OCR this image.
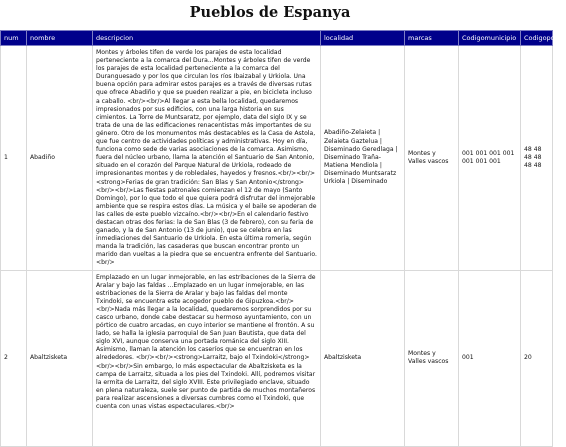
Pueblos de Espanya
num	nombre	descripcion	localidad	marcas	Codigomunicipio	Codigopostal
1	Abadiño	Montes y árboles tifen de verde los parajes de esta localidad perteneciente a la comarca del Dura...Montes y árboles tifen de verde los parajes de esta localidad perteneciente a la comarca del Duranguesado y por los que circulan los ríos Ibaizabal y Urkiola. Una buena opción para admirar estos parajes es a través de diversas rutas que ofrece Abadiño y que se pueden realizar a pie, en bicicleta incluso a caballo. <br/><br/>Al llegar a esta bella localidad, quedaremos impresionados por sus edificios, con una larga historia en sus cimientos. La Torre de Muntsaratz, por ejemplo, data del siglo IX y se trata de una de las edificaciones renacentistas más importantes de su género. Otro de los monumentos más destacables es la Casa de Astola, que fue centro de actividades políticas y administrativas. Hoy en día, funciona como sede de varias asociaciones de la comarca. Asimismo, fuera del núcleo urbano, llama la atención el Santuario de San Antonio, situado en el corazón del Parque Natural de Urkiola, rodeado de impresionantes montes y de robledales, hayedos y fresnos.<br/><br/><strong>Ferias de gran tradición: San Blas y San Antonio</strong><br/><br/>Las fiestas patronales comienzan el 12 de mayo (Santo Domingo), por lo que todo el que quiera podrá disfrutar del inmejorable ambiente que se respira estos días. La música y el baile se apoderan de las calles de este pueblo vizcaíno.<br/><br/>En el calendario festivo destacan otras dos ferias: la de San Blas (3 de febrero), con su feria de ganado, y la de San Antonio (13 de junio), que se celebra en las inmediaciones del Santuario de Urkiola. En esta última romería, según manda la tradición, las casaderas que buscan encontrar pronto un marido dan vueltas a la piedra que se encuentra enfrente del Santuario.<br/>	Abadiño-Zelaieta | Zelaieta Gaztelua | Diseminado Geredlaga | Diseminado Traña-Matiena Mendiola | Diseminado Muntsaratz Urkiola | Diseminado	Montes y Valles vascos	001 001 001 001 001 001 001	48 48 48 48 48 48
2	Abaltzisketa	Emplazado en un lugar inmejorable, en las estribaciones de la Sierra de Aralar y bajo las faldas ...Emplazado en un lugar inmejorable, en las estribaciones de la Sierra de Aralar y bajo las faldas del monte Txindoki, se encuentra este acogedor pueblo de Gipuzkoa.<br/><br/>Nada más llegar a la localidad, quedaremos sorprendidos por su casco urbano, donde cabe destacar su hermoso ayuntamiento, con un pórtico de cuatro arcadas, en cuyo interior se mantiene el frontón. A su lado, se halla la iglesia parroquial de San Juan Bautista, que data del siglo XVI, aunque conserva una portada románica del siglo XIII. Asimismo, llaman la atención los caseríos que se encuentran en los alrededores. <br/><br/><strong>Larraitz, bajo el Txindoki</strong><br/><br/>Sin embargo, lo más espectacular de Abaltzisketa es la campa de Larraitz, situada a los pies del Txindoki. Allí, podremos visitar la ermita de Larraitz, del siglo XVIII. Este privilegiado enclave, situado en plena naturaleza, suele ser punto de partida de muchos montañeros para realizar ascensiones a diversas cumbres como el Txindoki, que cuenta con unas vistas espectaculares.<br/>	Abaltzisketa	Montes y Valles vascos	001	20
